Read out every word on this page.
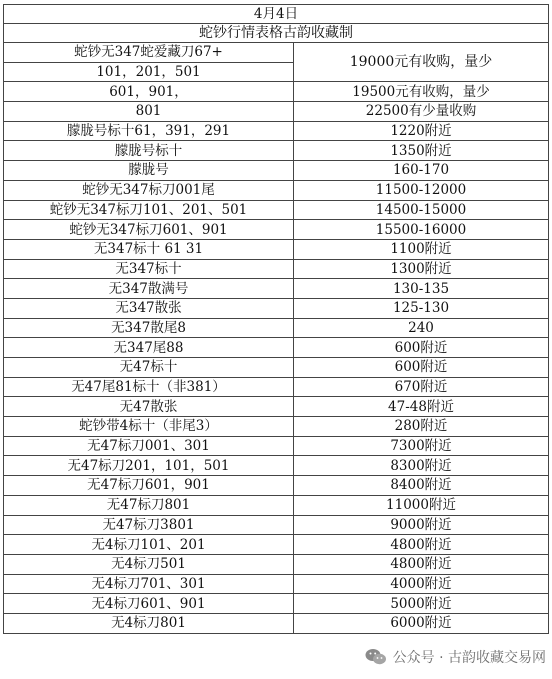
4月4日	
蛇钞行情表格古韵收藏制	
蛇钞无347蛇爱藏刀67+	19000元有收购，量少
101，201，501	
601，901，	19500元有收购，量少
801	22500有少量收购
朦胧号标十61，391，291	1220附近
朦胧号标十	1350附近
朦胧号	160-170
蛇钞无347标刀001尾	11500-12000
蛇钞无347标刀101、201、501	14500-15000
蛇钞无347标刀601、901	15500-16000
无347标十 61 31	1100附近
无347标十	1300附近
无347散满号	130-135
无347散张	125-130
无347散尾8	240
无347尾88	600附近
无47标十	600附近
无47尾81标十（非381）	670附近
无47散张	47-48附近
蛇钞带4标十（非尾3）	280附近
无47标刀001、301	7300附近
无47标刀201，101，501	8300附近
无47标刀601，901	8400附近
无47标刀801	11000附近
无47标刀3801	9000附近
无4标刀101、201	4800附近
无4标刀501	4800附近
无4标刀701、301	4000附近
无4标刀601、901	5000附近
无4标刀801	6000附近
公众号 · 古韵收藏交易网
